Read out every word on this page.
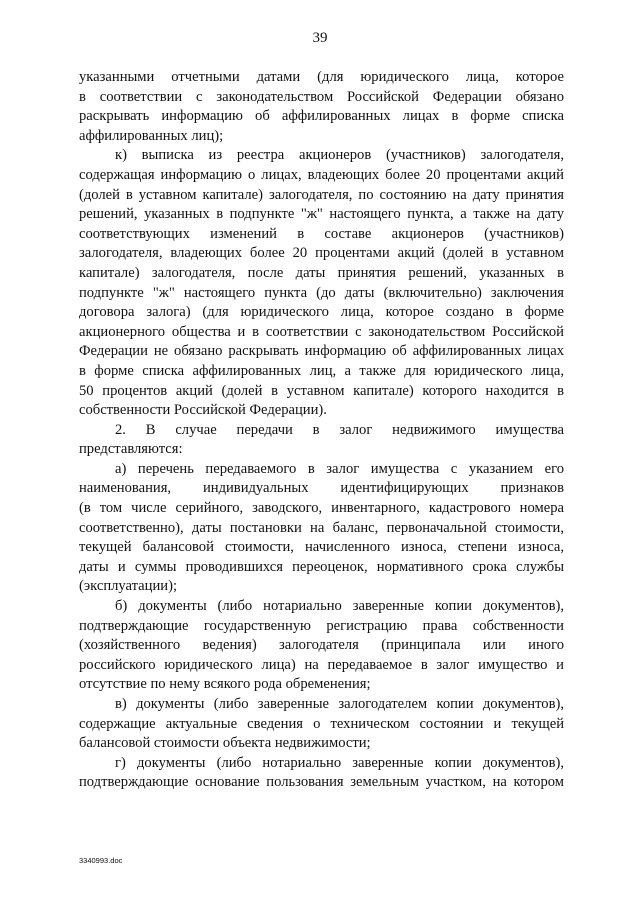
39
указанными отчетными датами (для юридического лица, которое
в соответствии с законодательством Российской Федерации обязано
раскрывать информацию об аффилированных лицах в форме списка
аффилированных лиц);
к) выписка из реестра акционеров (участников) залогодателя,
содержащая информацию о лицах, владеющих более 20 процентами акций
(долей в уставном капитале) залогодателя, по состоянию на дату принятия
решений, указанных в подпункте "ж" настоящего пункта, а также на дату
соответствующих изменений в составе акционеров (участников)
залогодателя, владеющих более 20 процентами акций (долей в уставном
капитале) залогодателя, после даты принятия решений, указанных в
подпункте "ж" настоящего пункта (до даты (включительно) заключения
договора залога) (для юридического лица, которое создано в форме
акционерного общества и в соответствии с законодательством Российской
Федерации не обязано раскрывать информацию об аффилированных лицах
в форме списка аффилированных лиц, а также для юридического лица,
50 процентов акций (долей в уставном капитале) которого находится в
собственности Российской Федерации).
2. В случае передачи в залог недвижимого имущества
представляются:
а) перечень передаваемого в залог имущества с указанием его
наименования, индивидуальных идентифицирующих признаков
(в том числе серийного, заводского, инвентарного, кадастрового номера
соответственно), даты постановки на баланс, первоначальной стоимости,
текущей балансовой стоимости, начисленного износа, степени износа,
даты и суммы проводившихся переоценок, нормативного срока службы
(эксплуатации);
б) документы (либо нотариально заверенные копии документов),
подтверждающие государственную регистрацию права собственности
(хозяйственного ведения) залогодателя (принципала или иного
российского юридического лица) на передаваемое в залог имущество и
отсутствие по нему всякого рода обременения;
в) документы (либо заверенные залогодателем копии документов),
содержащие актуальные сведения о техническом состоянии и текущей
балансовой стоимости объекта недвижимости;
г) документы (либо нотариально заверенные копии документов),
подтверждающие основание пользования земельным участком, на котором
3340993.doc
